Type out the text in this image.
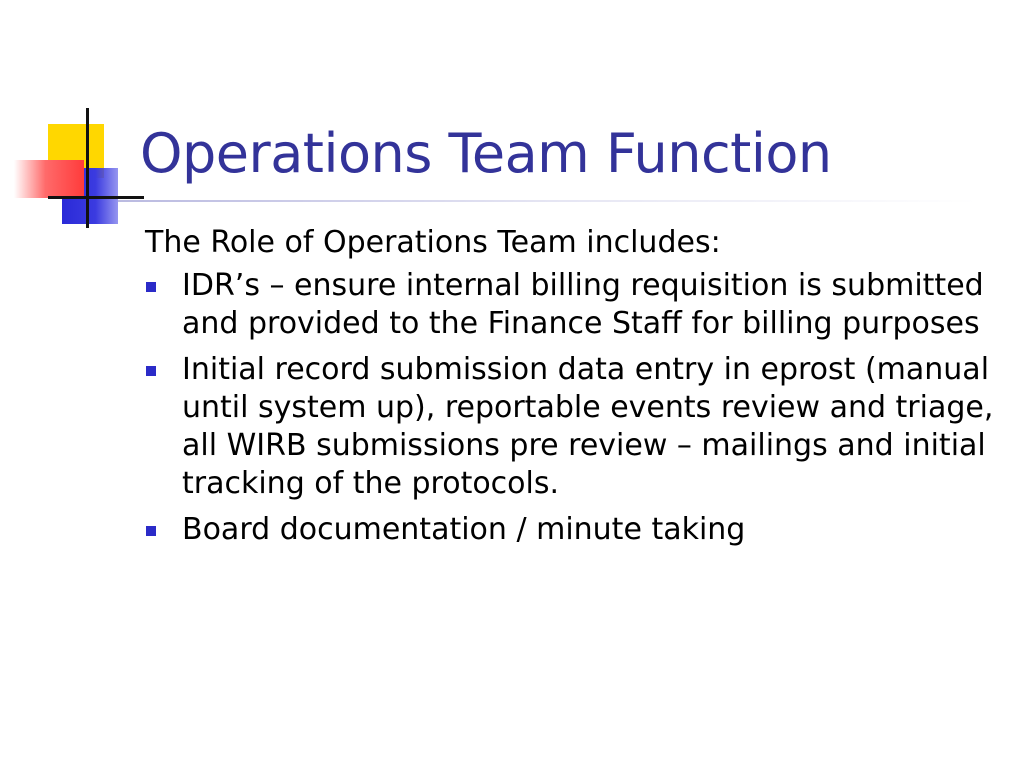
Operations Team Function

The Role of Operations Team includes:

IDR’s – ensure internal billing requisition is submitted and provided to the Finance Staff for billing purposes
Initial record submission data entry in eprost (manual until system up), reportable events review and triage, all WIRB submissions pre review – mailings and initial tracking of the protocols.
Board documentation / minute taking
